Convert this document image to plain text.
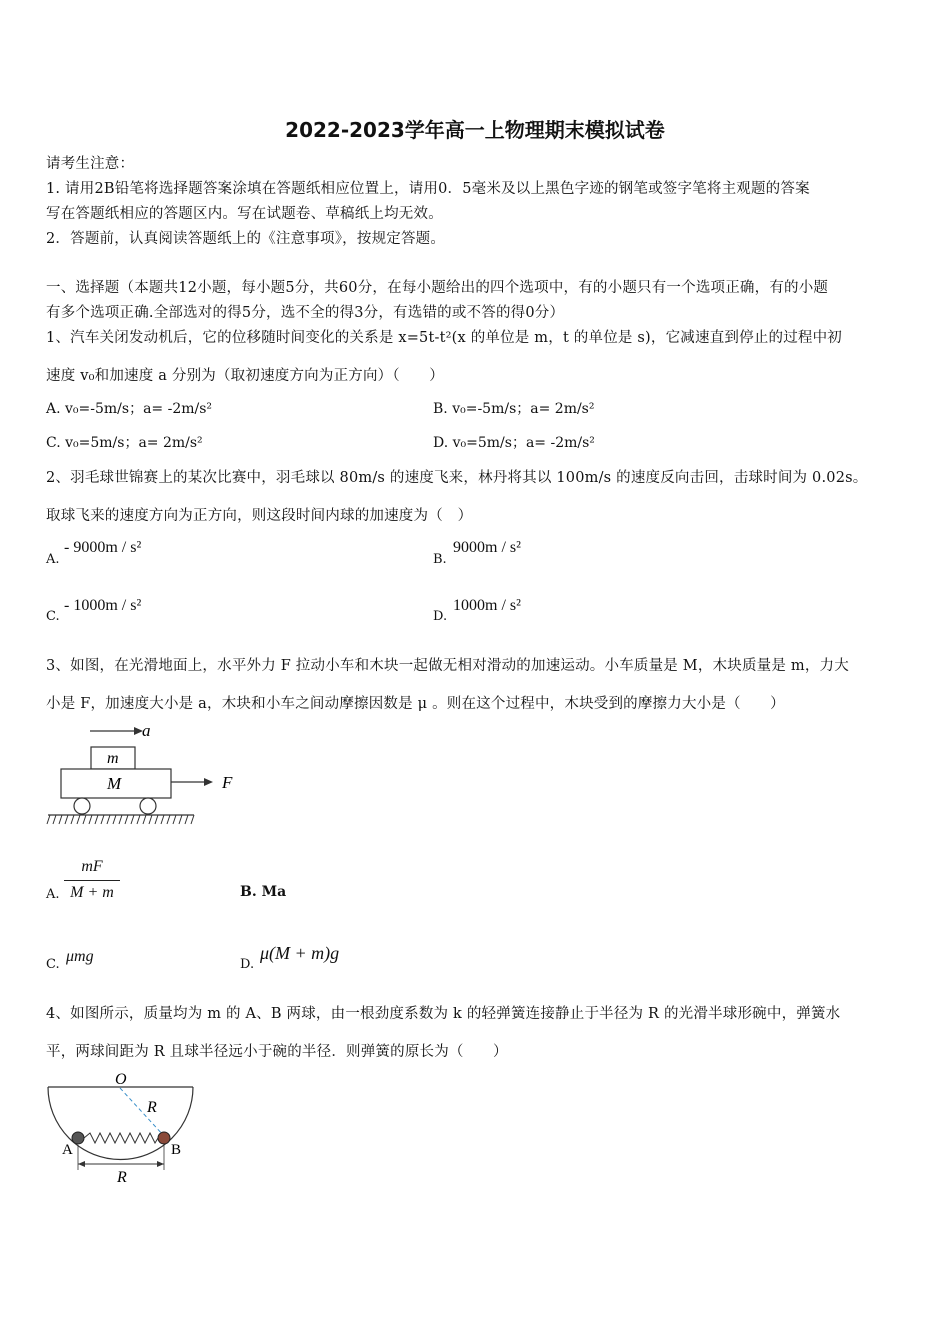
2022-2023学年高一上物理期末模拟试卷
请考生注意：
1. 请用2B铅笔将选择题答案涂填在答题纸相应位置上，请用0．5毫米及以上黑色字迹的钢笔或签字笔将主观题的答案
写在答题纸相应的答题区内。写在试题卷、草稿纸上均无效。
2．答题前，认真阅读答题纸上的《注意事项》，按规定答题。
一、选择题（本题共12小题，每小题5分，共60分，在每小题给出的四个选项中，有的小题只有一个选项正确，有的小题
有多个选项正确.全部选对的得5分，选不全的得3分，有选错的或不答的得0分）
1、汽车关闭发动机后，它的位移随时间变化的关系是 x=5t-t²(x 的单位是 m，t 的单位是 s)，它减速直到停止的过程中初
速度 v₀和加速度 a 分别为（取初速度方向为正方向）（　　）
A. v₀=-5m/s；a= -2m/s²	B. v₀=-5m/s；a= 2m/s²
C. v₀=5m/s；a= 2m/s²	D. v₀=5m/s；a= -2m/s²
2、羽毛球世锦赛上的某次比赛中，羽毛球以 80m/s 的速度飞来，林丹将其以 100m/s 的速度反向击回，击球时间为 0.02s。
取球飞来的速度方向为正方向，则这段时间内球的加速度为（　）
A.
- 9000m / s²
B.
9000m / s²
C.
- 1000m / s²
D.
1000m / s²
3、如图，在光滑地面上，水平外力 F 拉动小车和木块一起做无相对滑动的加速运动。小车质量是 M，木块质量是 m，力大
小是 F，加速度大小是 a，木块和小车之间动摩擦因数是 μ 。则在这个过程中，木块受到的摩擦力大小是（　　）
a
m
M	F
A.
mF
M + m	B. Ma
C. μmg	D.
μ(M + m)g
4、如图所示，质量均为 m 的 A、B 两球，由一根劲度系数为 k 的轻弹簧连接静止于半径为 R 的光滑半球形碗中，弹簧水
平，两球间距为 R 且球半径远小于碗的半径．则弹簧的原长为（　　）
O
R
A	B
R
